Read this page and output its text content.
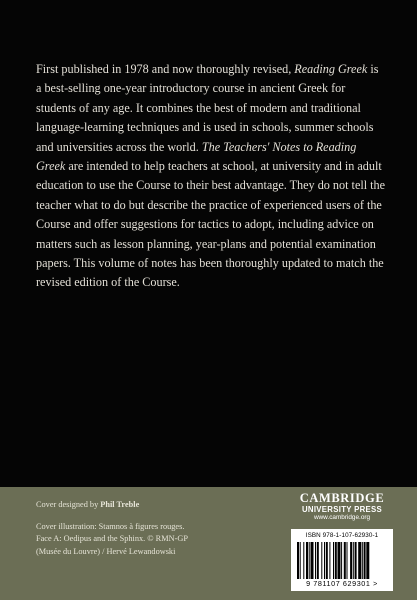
First published in 1978 and now thoroughly revised, Reading Greek is a best-selling one-year introductory course in ancient Greek for students of any age. It combines the best of modern and traditional language-learning techniques and is used in schools, summer schools and universities across the world. The Teachers' Notes to Reading Greek are intended to help teachers at school, at university and in adult education to use the Course to their best advantage. They do not tell the teacher what to do but describe the practice of experienced users of the Course and offer suggestions for tactics to adopt, including advice on matters such as lesson planning, year-plans and potential examination papers. This volume of notes has been thoroughly updated to match the revised edition of the Course.

Cover designed by Phil Treble
Cover illustration: Stamnos à figures rouges.
Face A: Oedipus and the Sphinx. © RMN-GP
(Musée du Louvre) / Hervé Lewandowski
CAMBRIDGE
UNIVERSITY PRESS
www.cambridge.org
ISBN 978-1-107-62930-1
9 781107 629301 >
